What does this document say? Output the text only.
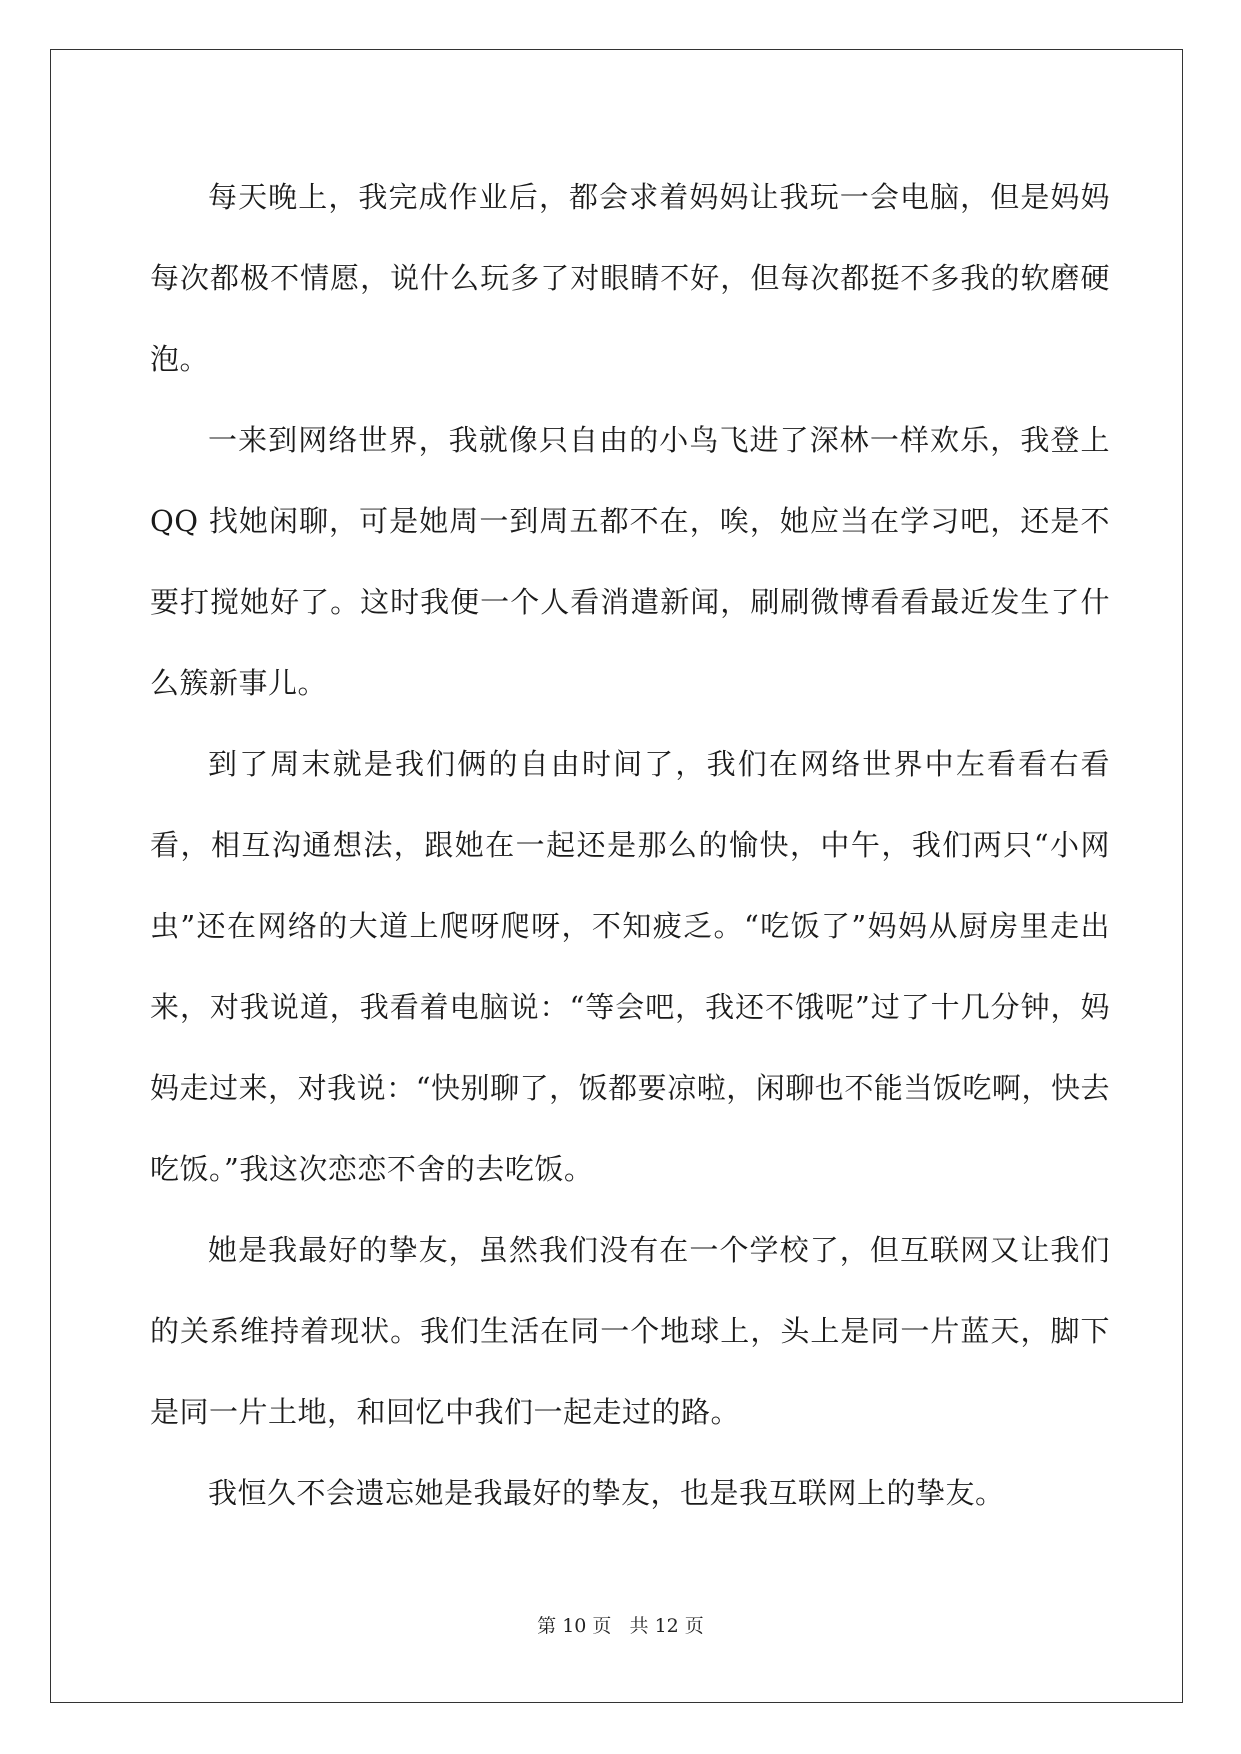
每天晚上，我完成作业后，都会求着妈妈让我玩一会电脑，但是妈妈每次都极不情愿，说什么玩多了对眼睛不好，但每次都挺不多我的软磨硬泡。

一来到网络世界，我就像只自由的小鸟飞进了深林一样欢乐，我登上 QQ 找她闲聊，可是她周一到周五都不在，唉，她应当在学习吧，还是不要打搅她好了。这时我便一个人看消遣新闻，刷刷微博看看最近发生了什么簇新事儿。

到了周末就是我们俩的自由时间了，我们在网络世界中左看看右看看，相互沟通想法，跟她在一起还是那么的愉快，中午，我们两只“小网虫”还在网络的大道上爬呀爬呀，不知疲乏。“吃饭了”妈妈从厨房里走出来，对我说道，我看着电脑说：“等会吧，我还不饿呢”过了十几分钟，妈妈走过来，对我说：“快别聊了，饭都要凉啦，闲聊也不能当饭吃啊，快去吃饭。”我这次恋恋不舍的去吃饭。

她是我最好的挚友，虽然我们没有在一个学校了，但互联网又让我们的关系维持着现状。我们生活在同一个地球上，头上是同一片蓝天，脚下是同一片土地，和回忆中我们一起走过的路。

我恒久不会遗忘她是我最好的挚友，也是我互联网上的挚友。

第 10 页   共 12 页
